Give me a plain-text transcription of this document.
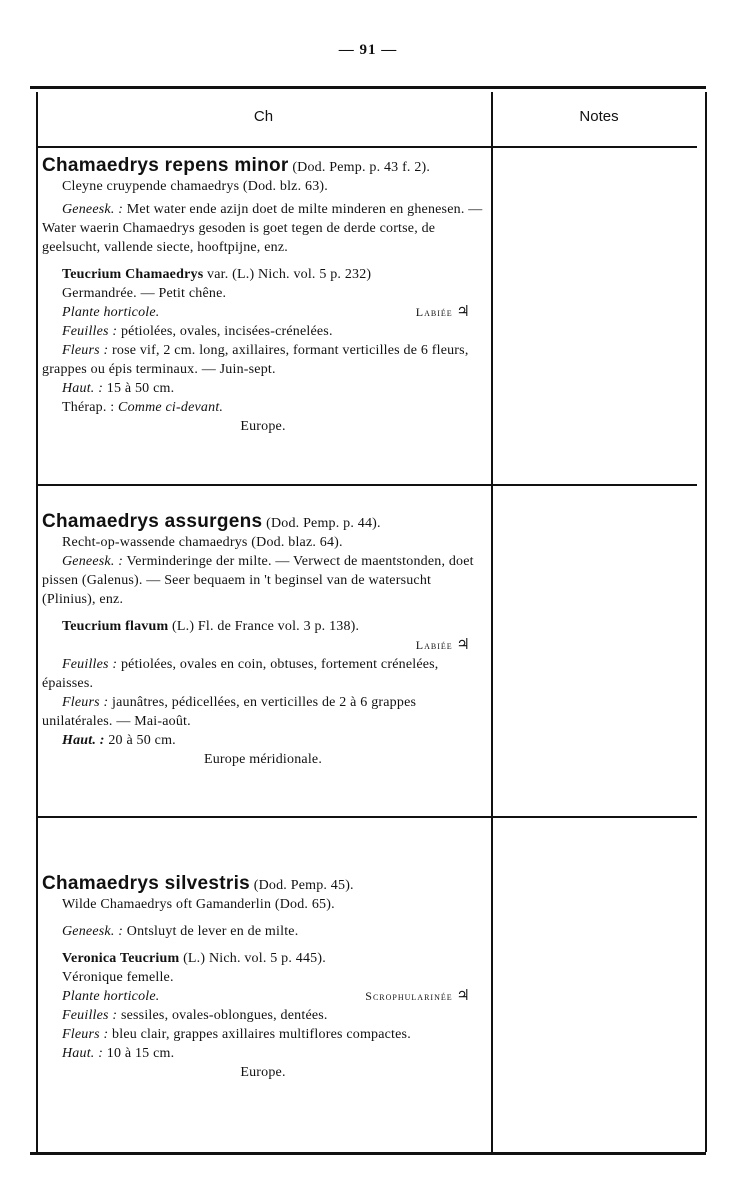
— 91 —
Ch	Notes

Chamaedrys repens minor (Dod. Pemp. p. 43 f. 2).

Cleyne cruypende chamaedrys (Dod. blz. 63).

Geneesk. : Met water ende azijn doet de milte minderen en ghenesen. — Water waerin Chamaedrys gesoden is goet tegen de derde cortse, de geelsucht, vallende siecte, hooftpijne, enz.

Teucrium Chamaedrys var. (L.) Nich. vol. 5 p. 232)

Germandrée. — Petit chêne.

Plante horticole.	Labiée ♃

Feuilles : pétiolées, ovales, incisées-crénelées.

Fleurs : rose vif, 2 cm. long, axillaires, formant verticilles de 6 fleurs, grappes ou épis terminaux. — Juin-sept.

Haut. : 15 à 50 cm.

Thérap. : Comme ci-devant.

Europe.

Chamaedrys assurgens (Dod. Pemp. p. 44).

Recht-op-wassende chamaedrys (Dod. blaz. 64).

Geneesk. : Verminderinge der milte. — Verwect de maentstonden, doet pissen (Galenus). — Seer bequaem in 't beginsel van de watersucht (Plinius), enz.

Teucrium flavum (L.) Fl. de France vol. 3 p. 138).

Labiée ♃

Feuilles : pétiolées, ovales en coin, obtuses, fortement crénelées, épaisses.

Fleurs : jaunâtres, pédicellées, en verticilles de 2 à 6 grappes unilatérales. — Mai-août.

Haut. : 20 à 50 cm.

Europe méridionale.

Chamaedrys silvestris (Dod. Pemp. 45).

Wilde Chamaedrys oft Gamanderlin (Dod. 65).

Geneesk. : Ontsluyt de lever en de milte.

Veronica Teucrium (L.) Nich. vol. 5 p. 445).

Véronique femelle.

Plante horticole.	Scrophularinée ♃

Feuilles : sessiles, ovales-oblongues, dentées.

Fleurs : bleu clair, grappes axillaires multiflores compactes.

Haut. : 10 à 15 cm.

Europe.
